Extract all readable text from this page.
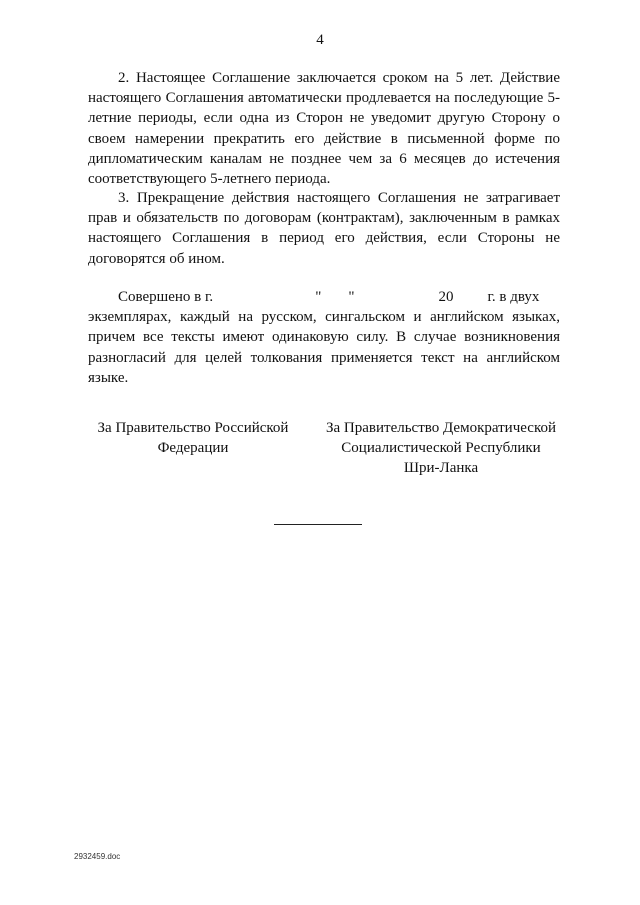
4

2. Настоящее Соглашение заключается сроком на 5 лет. Действие настоящего Соглашения автоматически продлевается на последующие 5-летние периоды, если одна из Сторон не уведомит другую Сторону о своем намерении прекратить его действие в письменной форме по дипломатическим каналам не позднее чем за 6 месяцев до истечения соответствующего 5-летнего периода.

3. Прекращение действия настоящего Соглашения не затрагивает прав и обязательств по договорам (контрактам), заключенным в рамках настоящего Соглашения в период его действия, если Стороны не договорятся об ином.

Совершено в г.	" "	20 г. в двух

экземплярах, каждый на русском, сингальском и английском языках, причем все тексты имеют одинаковую силу. В случае возникновения разногласий для целей толкования применяется текст на английском языке.

За Правительство Российской
Федерации
За Правительство Демократической
Социалистической Республики
Шри-Ланка
2932459.doc
